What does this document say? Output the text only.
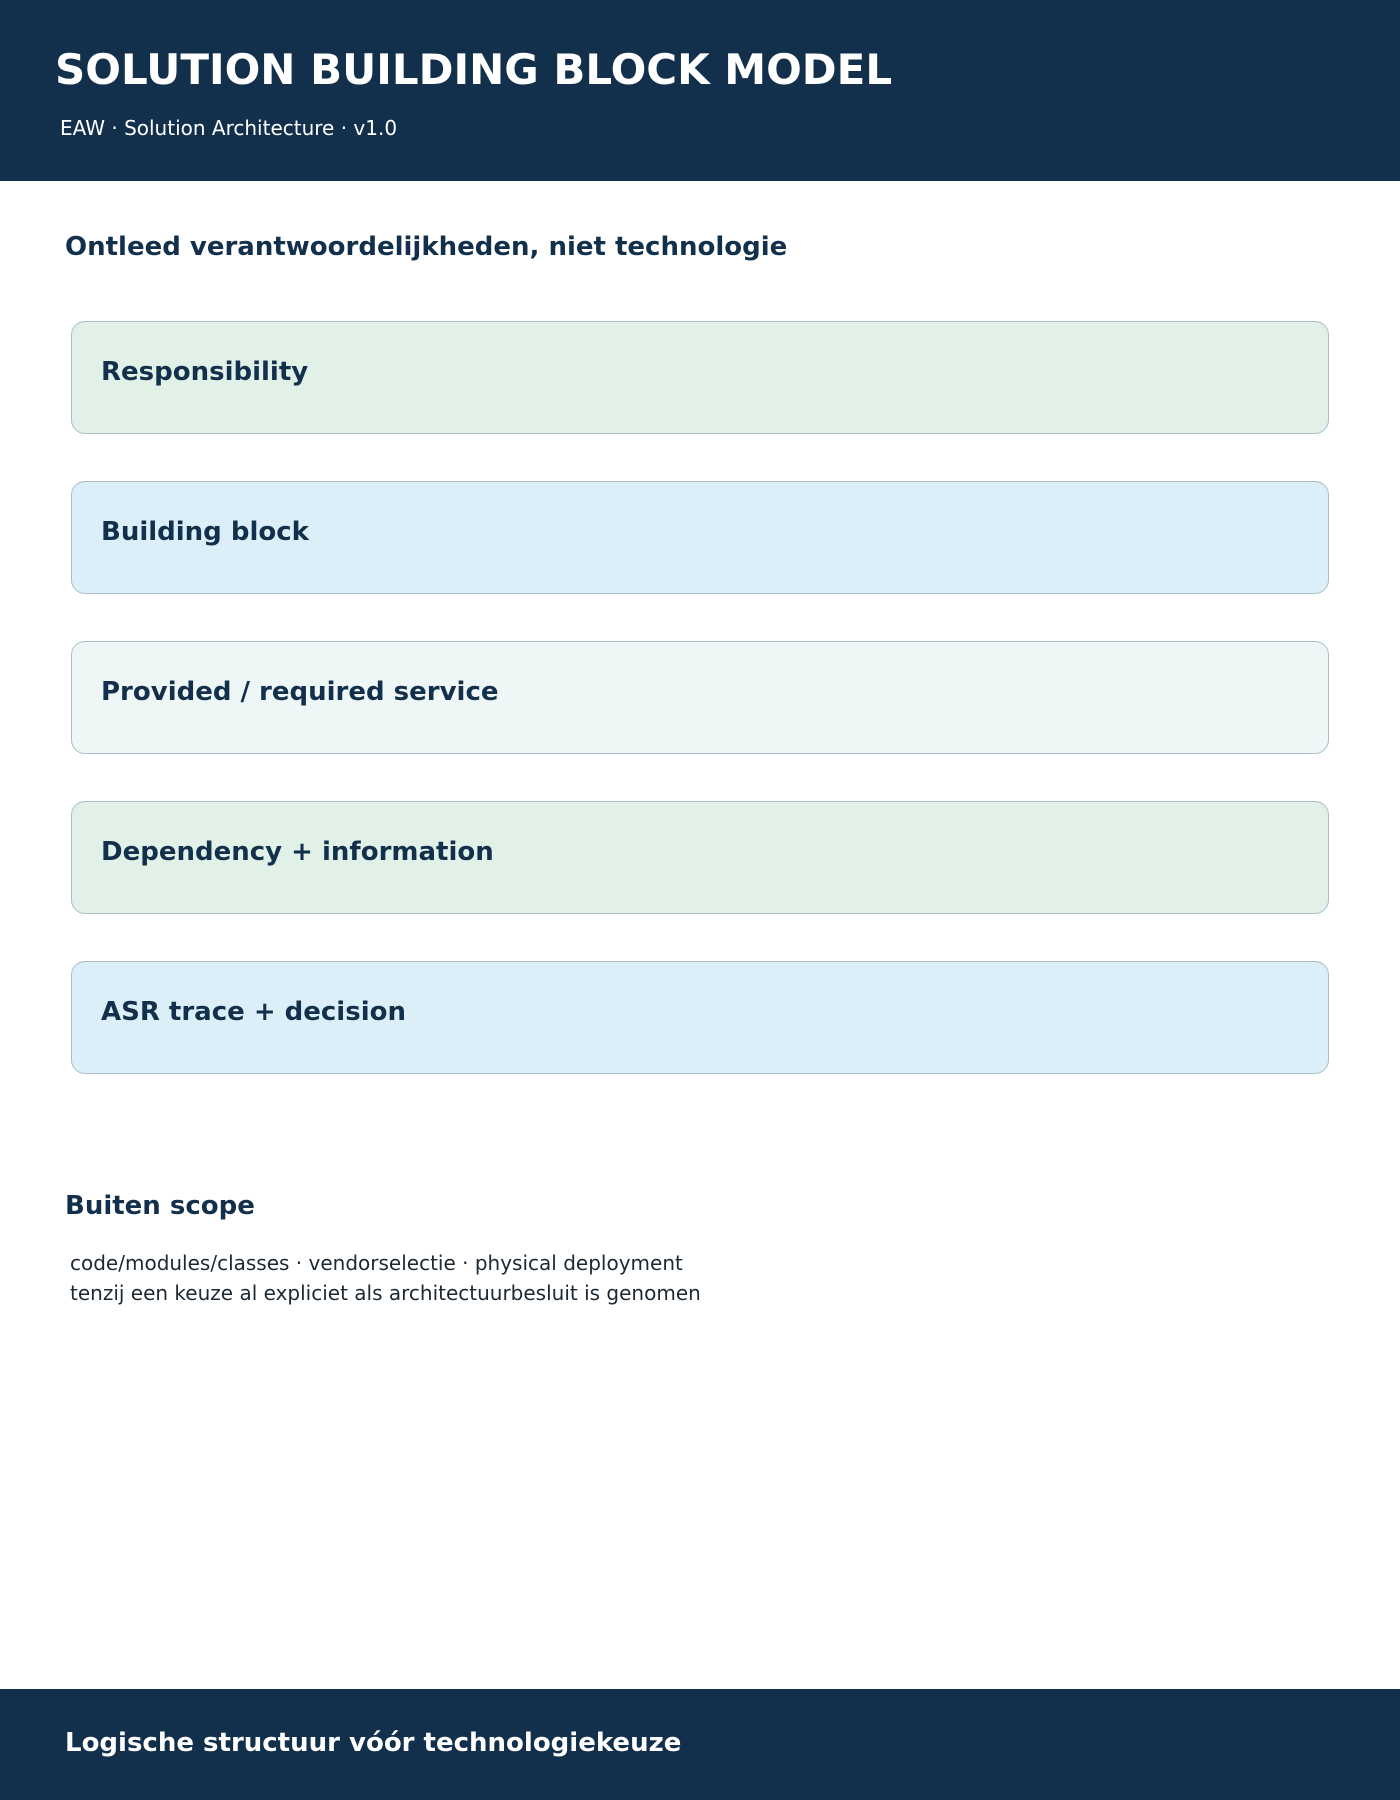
SOLUTION BUILDING BLOCK MODEL
EAW · Solution Architecture · v1.0
Ontleed verantwoordelijkheden, niet technologie
Responsibility
Building block
Provided / required service
Dependency + information
ASR trace + decision
Buiten scope
code/modules/classes · vendorselectie · physical deployment
tenzij een keuze al expliciet als architectuurbesluit is genomen
Logische structuur vóór technologiekeuze
